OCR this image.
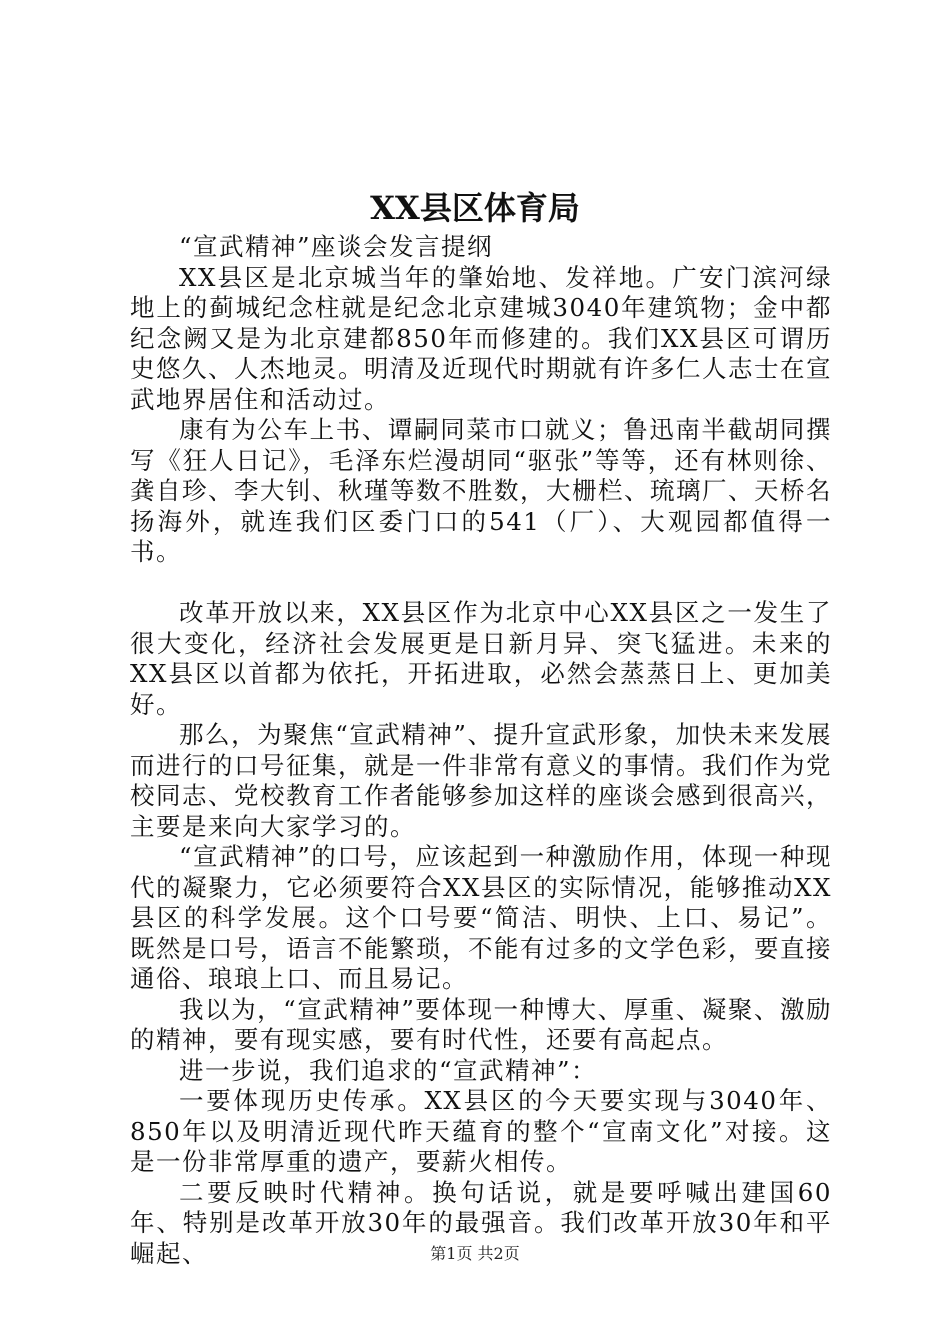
XX县区体育局

“宣武精神”座谈会发言提纲

XX县区是北京城当年的肇始地、发祥地。广安门滨河绿地上的蓟城纪念柱就是纪念北京建城3040年建筑物；金中都纪念阙又是为北京建都850年而修建的。我们XX县区可谓历史悠久、人杰地灵。明清及近现代时期就有许多仁人志士在宣武地界居住和活动过。

康有为公车上书、谭嗣同菜市口就义；鲁迅南半截胡同撰写《狂人日记》，毛泽东烂漫胡同“驱张”等等，还有林则徐、龚自珍、李大钊、秋瑾等数不胜数，大栅栏、琉璃厂、天桥名扬海外，就连我们区委门口的541（厂）、大观园都值得一书。

改革开放以来，XX县区作为北京中心XX县区之一发生了很大变化，经济社会发展更是日新月异、突飞猛进。未来的XX县区以首都为依托，开拓进取，必然会蒸蒸日上、更加美好。

那么，为聚焦“宣武精神”、提升宣武形象，加快未来发展而进行的口号征集，就是一件非常有意义的事情。我们作为党校同志、党校教育工作者能够参加这样的座谈会感到很高兴，主要是来向大家学习的。

“宣武精神”的口号，应该起到一种激励作用，体现一种现代的凝聚力，它必须要符合XX县区的实际情况，能够推动XX县区的科学发展。这个口号要“简洁、明快、上口、易记”。既然是口号，语言不能繁琐，不能有过多的文学色彩，要直接通俗、琅琅上口、而且易记。

我以为，“宣武精神”要体现一种博大、厚重、凝聚、激励的精神，要有现实感，要有时代性，还要有高起点。

进一步说，我们追求的“宣武精神”：

一要体现历史传承。XX县区的今天要实现与3040年、850年以及明清近现代昨天蕴育的整个“宣南文化”对接。这是一份非常厚重的遗产，要薪火相传。

二要反映时代精神。换句话说，就是要呼喊出建国60年、特别是改革开放30年的最强音。我们改革开放30年和平崛起、	第1页 共2页
